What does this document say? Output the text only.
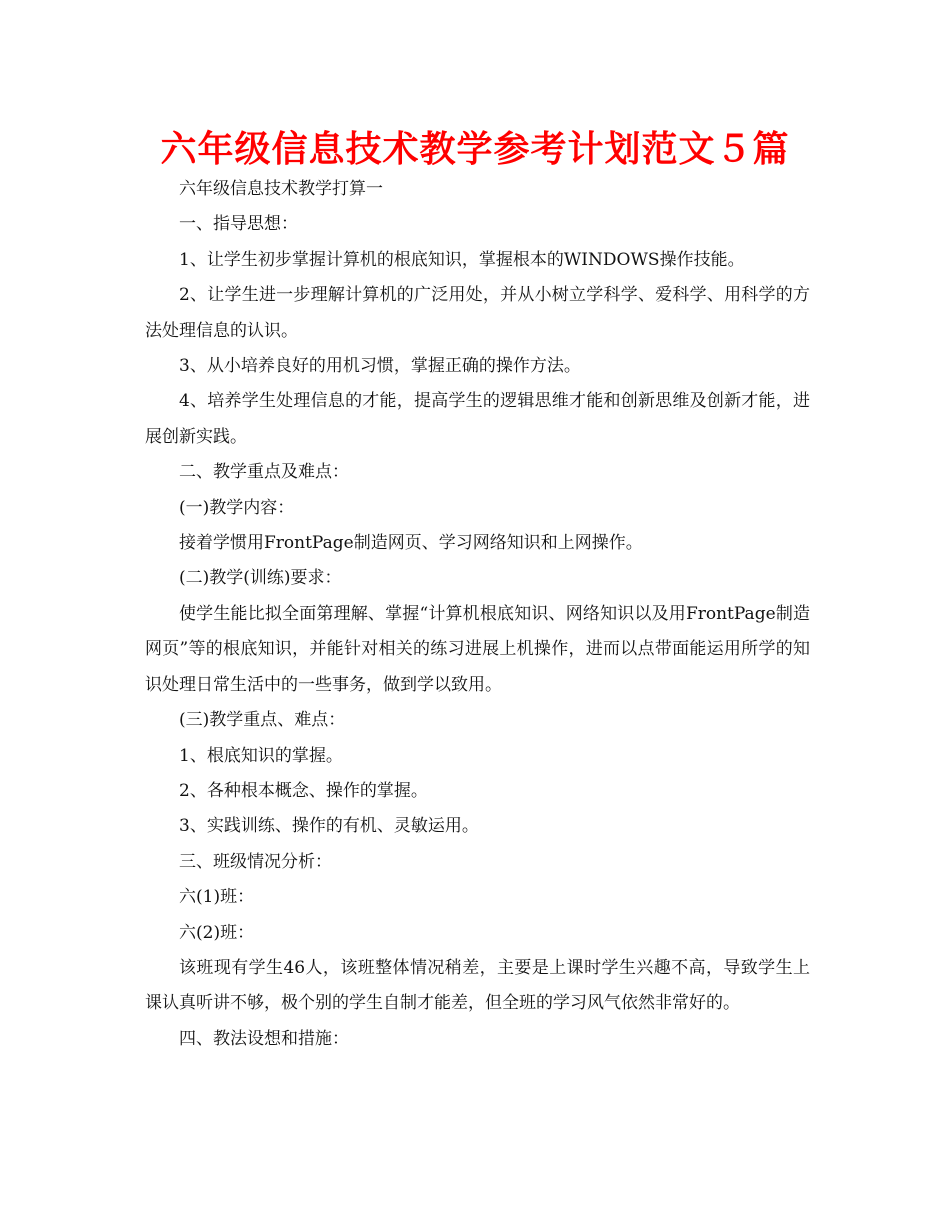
六年级信息技术教学参考计划范文５篇

六年级信息技术教学打算一

一、指导思想：

1、让学生初步掌握计算机的根底知识，掌握根本的WINDOWS操作技能。

2、让学生进一步理解计算机的广泛用处，并从小树立学科学、爱科学、用科学的方法处理信息的认识。

3、从小培养良好的用机习惯，掌握正确的操作方法。

4、培养学生处理信息的才能，提高学生的逻辑思维才能和创新思维及创新才能，进展创新实践。

二、教学重点及难点：

(一)教学内容：

接着学惯用FrontPage制造网页、学习网络知识和上网操作。

(二)教学(训练)要求：

使学生能比拟全面第理解、掌握“计算机根底知识、网络知识以及用FrontPage制造网页”等的根底知识，并能针对相关的练习进展上机操作，进而以点带面能运用所学的知识处理日常生活中的一些事务，做到学以致用。

(三)教学重点、难点：

1、根底知识的掌握。

2、各种根本概念、操作的掌握。

3、实践训练、操作的有机、灵敏运用。

三、班级情况分析：

六(1)班：

六(2)班：

该班现有学生46人，该班整体情况稍差，主要是上课时学生兴趣不高，导致学生上课认真听讲不够，极个别的学生自制才能差，但全班的学习风气依然非常好的。

四、教法设想和措施：
